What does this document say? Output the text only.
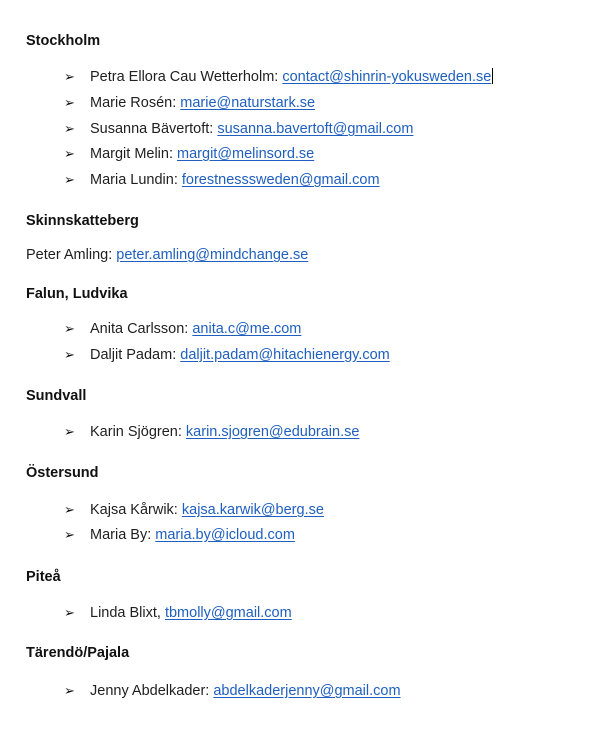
Stockholm
➢ Petra Ellora Cau Wetterholm: contact@shinrin-yokusweden.se
➢ Marie Rosén: marie@naturstark.se
➢ Susanna Bävertoft: susanna.bavertoft@gmail.com
➢ Margit Melin: margit@melinsord.se
➢ Maria Lundin: forestnesssweden@gmail.com
Skinnskatteberg
Peter Amling: peter.amling@mindchange.se
Falun, Ludvika
➢ Anita Carlsson: anita.c@me.com
➢ Daljit Padam: daljit.padam@hitachienergy.com
Sundvall
➢ Karin Sjögren: karin.sjogren@edubrain.se
Östersund
➢ Kajsa Kårwik: kajsa.karwik@berg.se
➢ Maria By: maria.by@icloud.com
Piteå
➢ Linda Blixt, tbmolly@gmail.com
Tärendö/Pajala
➢ Jenny Abdelkader: abdelkaderjenny@gmail.com
